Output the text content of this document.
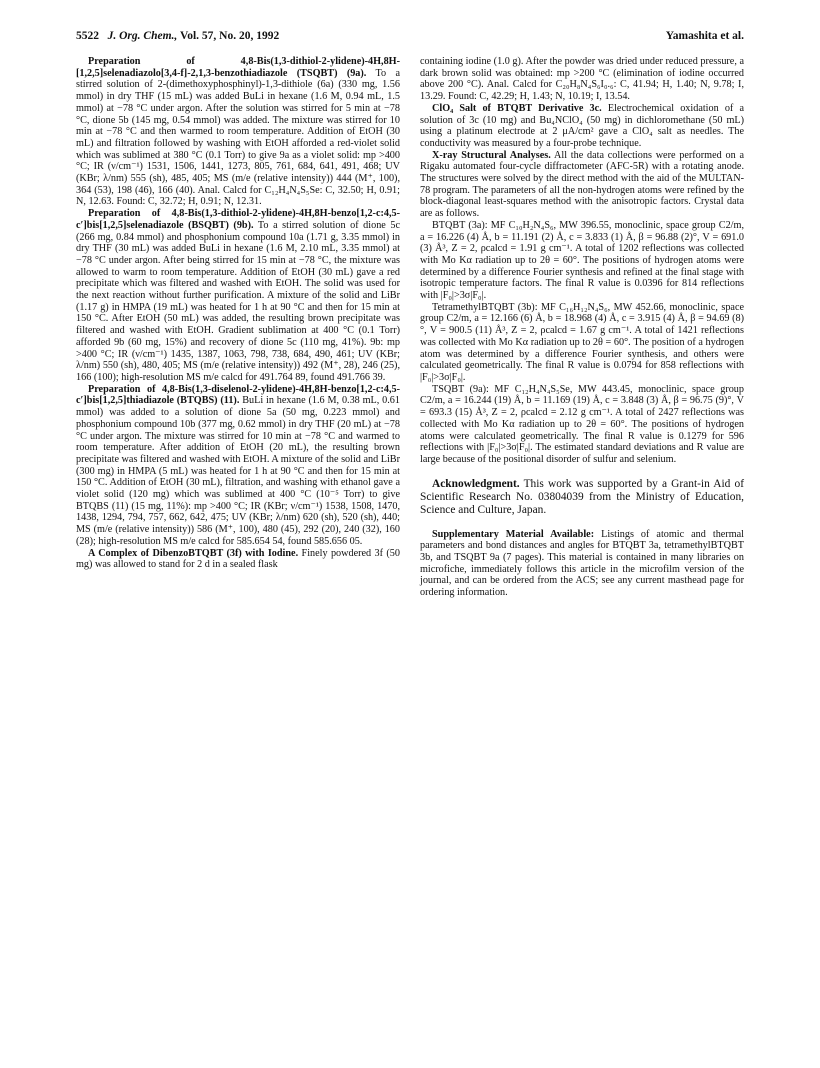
5522 J. Org. Chem., Vol. 57, No. 20, 1992	Yamashita et al.

Preparation of 4,8-Bis(1,3-dithiol-2-ylidene)-4H,8H-[1,2,5]selenadiazolo[3,4-f]-2,1,3-benzothiadiazole (TSQBT) (9a). To a stirred solution of 2-(dimethoxyphosphinyl)-1,3-dithiole (6a) (330 mg, 1.56 mmol) in dry THF (15 mL) was added BuLi in hexane (1.6 M, 0.94 mL, 1.5 mmol) at −78 °C under argon. After the solution was stirred for 5 min at −78 °C, dione 5b (145 mg, 0.54 mmol) was added. The mixture was stirred for 10 min at −78 °C and then warmed to room temperature. Addition of EtOH (30 mL) and filtration followed by washing with EtOH afforded a red-violet solid which was sublimed at 380 °C (0.1 Torr) to give 9a as a violet solid: mp >400 °C; IR (ν/cm⁻¹) 1531, 1506, 1441, 1273, 805, 761, 684, 641, 491, 468; UV (KBr; λ/nm) 555 (sh), 485, 405; MS (m/e (relative intensity)) 444 (M⁺, 100), 364 (53), 198 (46), 166 (40). Anal. Calcd for C₁₂H₄N₄S₅Se: C, 32.50; H, 0.91; N, 12.63. Found: C, 32.72; H, 0.91; N, 12.31.

Preparation of 4,8-Bis(1,3-dithiol-2-ylidene)-4H,8H-benzo[1,2-c:4,5-c′]bis[1,2,5]selenadiazole (BSQBT) (9b). To a stirred solution of dione 5c (266 mg, 0.84 mmol) and phosphonium compound 10a (1.71 g, 3.35 mmol) in dry THF (30 mL) was added BuLi in hexane (1.6 M, 2.10 mL, 3.35 mmol) at −78 °C under argon. After being stirred for 15 min at −78 °C, the mixture was allowed to warm to room temperature. Addition of EtOH (30 mL) gave a red precipitate which was filtered and washed with EtOH. The solid was used for the next reaction without further purification. A mixture of the solid and LiBr (1.17 g) in HMPA (19 mL) was heated for 1 h at 90 °C and then for 15 min at 150 °C. After EtOH (50 mL) was added, the resulting brown precipitate was filtered and washed with EtOH. Gradient sublimation at 400 °C (0.1 Torr) afforded 9b (60 mg, 15%) and recovery of dione 5c (110 mg, 41%). 9b: mp >400 °C; IR (ν/cm⁻¹) 1435, 1387, 1063, 798, 738, 684, 490, 461; UV (KBr; λ/nm) 550 (sh), 480, 405; MS (m/e (relative intensity)) 492 (M⁺, 28), 246 (25), 166 (100); high-resolution MS m/e calcd for 491.764 89, found 491.766 39.

Preparation of 4,8-Bis(1,3-diselenol-2-ylidene)-4H,8H-benzo[1,2-c:4,5-c′]bis[1,2,5]thiadiazole (BTQBS) (11). BuLi in hexane (1.6 M, 0.38 mL, 0.61 mmol) was added to a solution of dione 5a (50 mg, 0.223 mmol) and phosphonium compound 10b (377 mg, 0.62 mmol) in dry THF (20 mL) at −78 °C under argon. The mixture was stirred for 10 min at −78 °C and warmed to room temperature. After addition of EtOH (20 mL), the resulting brown precipitate was filtered and washed with EtOH. A mixture of the solid and LiBr (300 mg) in HMPA (5 mL) was heated for 1 h at 90 °C and then for 15 min at 150 °C. Addition of EtOH (30 mL), filtration, and washing with ethanol gave a violet solid (120 mg) which was sublimed at 400 °C (10⁻⁵ Torr) to give BTQBS (11) (15 mg, 11%): mp >400 °C; IR (KBr; ν/cm⁻¹) 1538, 1508, 1470, 1438, 1294, 794, 757, 662, 642, 475; UV (KBr; λ/nm) 620 (sh), 520 (sh), 440; MS (m/e (relative intensity)) 586 (M⁺, 100), 480 (45), 292 (20), 240 (32), 160 (28); high-resolution MS m/e calcd for 585.654 54, found 585.656 05.

A Complex of DibenzoBTQBT (3f) with Iodine. Finely powdered 3f (50 mg) was allowed to stand for 2 d in a sealed flask

containing iodine (1.0 g). After the powder was dried under reduced pressure, a dark brown solid was obtained: mp >200 °C (elimination of iodine occurred above 200 °C). Anal. Calcd for C₂₀H₈N₄S₆I₀.₆: C, 41.94; H, 1.40; N, 9.78; I, 13.29. Found: C, 42.29; H, 1.43; N, 10.19; I, 13.54.

ClO₄ Salt of BTQBT Derivative 3c. Electrochemical oxidation of a solution of 3c (10 mg) and Bu₄NClO₄ (50 mg) in dichloromethane (50 mL) using a platinum electrode at 2 μA/cm² gave a ClO₄ salt as needles. The conductivity was measured by a four-probe technique.

X-ray Structural Analyses. All the data collections were performed on a Rigaku automated four-cycle diffractometer (AFC-5R) with a rotating anode. The structures were solved by the direct method with the aid of the MULTAN-78 program. The parameters of all the non-hydrogen atoms were refined by the block-diagonal least-squares method with the anisotropic factors. Crystal data are as follows.

BTQBT (3a): MF C₁₀H₂N₄S₆, MW 396.55, monoclinic, space group C2/m, a = 16.226 (4) Å, b = 11.191 (2) Å, c = 3.833 (1) Å, β = 96.88 (2)°, V = 691.0 (3) Å³, Z = 2, ρcalcd = 1.91 g cm⁻¹. A total of 1202 reflections was collected with Mo Kα radiation up to 2θ = 60°. The positions of hydrogen atoms were determined by a difference Fourier synthesis and refined at the final stage with isotropic temperature factors. The final R value is 0.0396 for 814 reflections with |F₀|>3σ|F₀|.

TetramethylBTQBT (3b): MF C₁₆H₁₂N₄S₆, MW 452.66, monoclinic, space group C2/m, a = 12.166 (6) Å, b = 18.968 (4) Å, c = 3.915 (4) Å, β = 94.69 (8)°, V = 900.5 (11) Å³, Z = 2, ρcalcd = 1.67 g cm⁻¹. A total of 1421 reflections was collected with Mo Kα radiation up to 2θ = 60°. The position of a hydrogen atom was determined by a difference Fourier synthesis, and others were calculated geometrically. The final R value is 0.0794 for 858 reflections with |F₀|>3σ|F₀|.

TSQBT (9a): MF C₁₂H₄N₄S₅Se, MW 443.45, monoclinic, space group C2/m, a = 16.244 (19) Å, b = 11.169 (19) Å, c = 3.848 (3) Å, β = 96.75 (9)°, V = 693.3 (15) Å³, Z = 2, ρcalcd = 2.12 g cm⁻¹. A total of 2427 reflections was collected with Mo Kα radiation up to 2θ = 60°. The positions of hydrogen atoms were calculated geometrically. The final R value is 0.1279 for 596 reflections with |F₀|>3σ|F₀|. The estimated standard deviations and R value are large because of the positional disorder of sulfur and selenium.

Acknowledgment. This work was supported by a Grant-in Aid of Scientific Research No. 03804039 from the Ministry of Education, Science and Culture, Japan.

Supplementary Material Available: Listings of atomic and thermal parameters and bond distances and angles for BTQBT 3a, tetramethylBTQBT 3b, and TSQBT 9a (7 pages). This material is contained in many libraries on microfiche, immediately follows this article in the microfilm version of the journal, and can be ordered from the ACS; see any current masthead page for ordering information.
